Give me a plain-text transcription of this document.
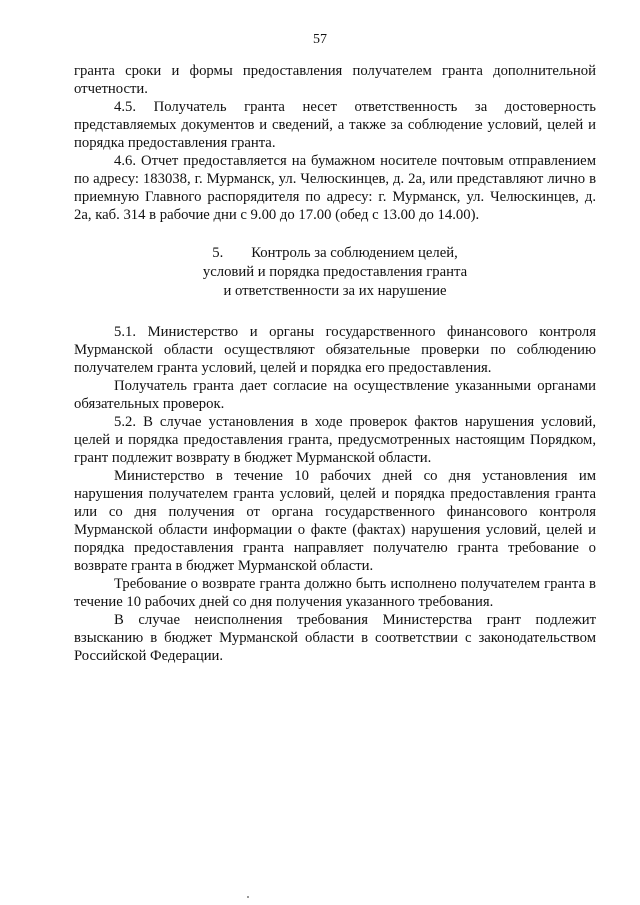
57

гранта сроки и формы предоставления получателем гранта дополнительной отчетности.

4.5. Получатель гранта несет ответственность за достоверность представляемых документов и сведений, а также за соблюдение условий, целей и порядка предоставления гранта.

4.6. Отчет предоставляется на бумажном носителе почтовым отправлением по адресу: 183038, г. Мурманск, ул. Челюскинцев, д. 2а, или представляют лично в приемную Главного распорядителя по адресу: г. Мурманск, ул. Челюскинцев, д. 2а, каб. 314 в рабочие дни с 9.00 до 17.00 (обед с 13.00 до 14.00).

5. Контроль за соблюдением целей,
условий и порядка предоставления гранта
и ответственности за их нарушение

5.1. Министерство и органы государственного финансового контроля Мурманской области осуществляют обязательные проверки по соблюдению получателем гранта условий, целей и порядка его предоставления.

Получатель гранта дает согласие на осуществление указанными органами обязательных проверок.

5.2. В случае установления в ходе проверок фактов нарушения условий, целей и порядка предоставления гранта, предусмотренных настоящим Порядком, грант подлежит возврату в бюджет Мурманской области.

Министерство в течение 10 рабочих дней со дня установления им нарушения получателем гранта условий, целей и порядка предоставления гранта или со дня получения от органа государственного финансового контроля Мурманской области информации о факте (фактах) нарушения условий, целей и порядка предоставления гранта направляет получателю гранта требование о возврате гранта в бюджет Мурманской области.

Требование о возврате гранта должно быть исполнено получателем гранта в течение 10 рабочих дней со дня получения указанного требования.

В случае неисполнения требования Министерства грант подлежит взысканию в бюджет Мурманской области в соответствии с законодательством Российской Федерации.
